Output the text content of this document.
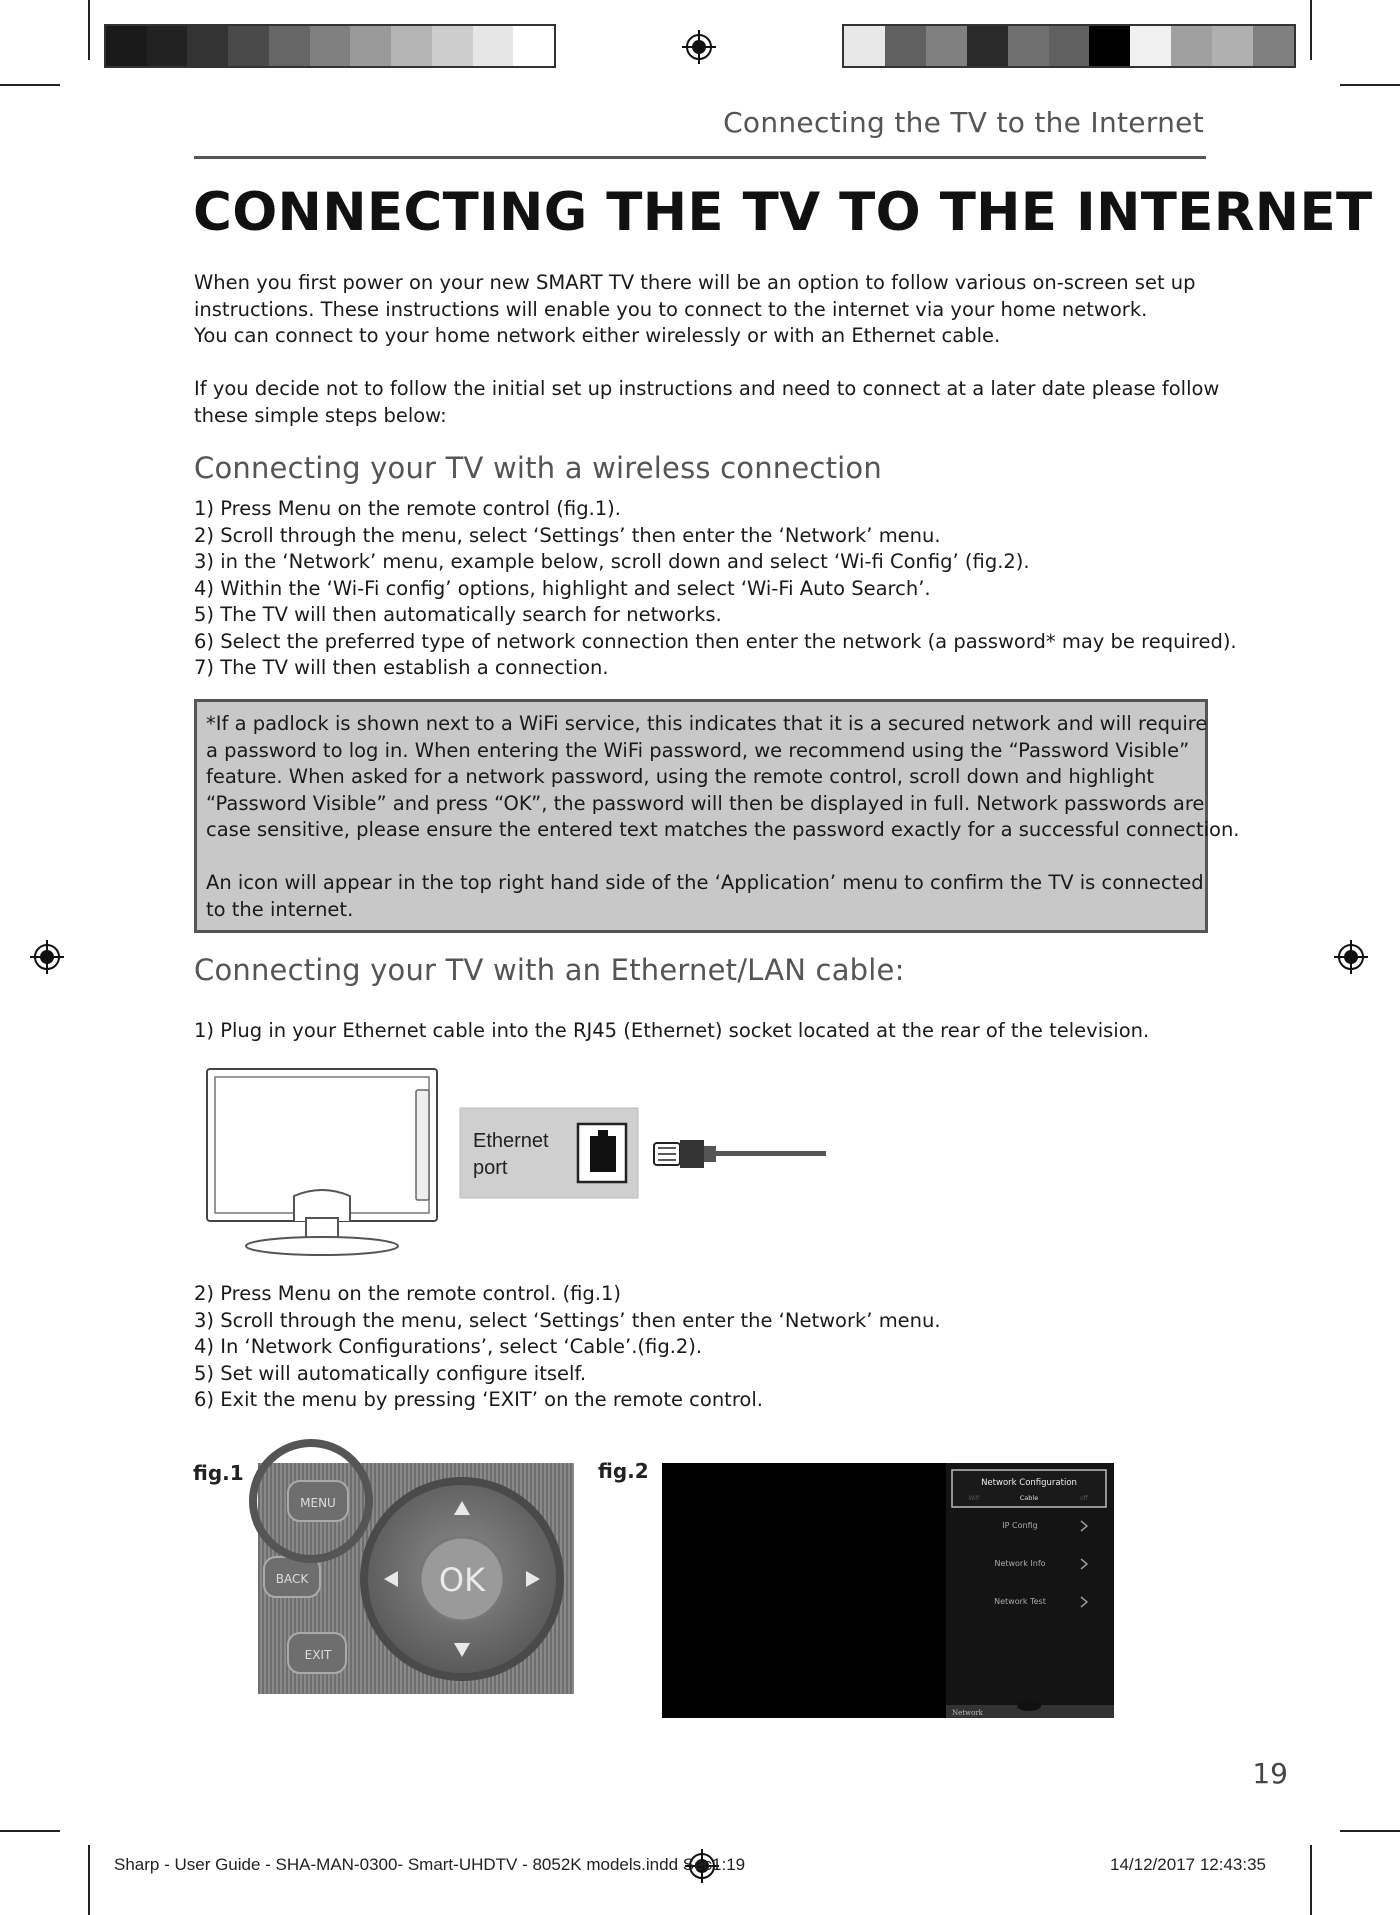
Connecting the TV to the Internet
CONNECTING THE TV TO THE INTERNET
When you first power on your new SMART TV there will be an option to follow various on-screen set up
instructions. These instructions will enable you to connect to the internet via your home network.
You can connect to your home network either wirelessly or with an Ethernet cable.
If you decide not to follow the initial set up instructions and need to connect at a later date please follow
these simple steps below:
Connecting your TV with a wireless connection
1) Press Menu on the remote control (fig.1).
2) Scroll through the menu, select ‘Settings’ then enter the ‘Network’ menu.
3) in the ‘Network’ menu, example below, scroll down and select ‘Wi-fi Config’ (fig.2).
4) Within the ‘Wi-Fi config’ options, highlight and select ‘Wi-Fi Auto Search’.
5) The TV will then automatically search for networks.
6) Select the preferred type of network connection then enter the network (a password* may be required).
7) The TV will then establish a connection.
*If a padlock is shown next to a WiFi service, this indicates that it is a secured network and will require
a password to log in. When entering the WiFi password, we recommend using the “Password Visible”
feature. When asked for a network password, using the remote control, scroll down and highlight
“Password Visible” and press “OK”, the password will then be displayed in full. Network passwords are
case sensitive, please ensure the entered text matches the password exactly for a successful connection.
An icon will appear in the top right hand side of the ‘Application’ menu to confirm the TV is connected
to the internet.
Connecting your TV with an Ethernet/LAN cable:
1) Plug in your Ethernet cable into the RJ45 (Ethernet) socket located at the rear of the television.
Ethernet
port
2) Press Menu on the remote control. (fig.1)
3) Scroll through the menu, select ‘Settings’ then enter the ‘Network’ menu.
4) In ‘Network Configurations’, select ‘Cable’.(fig.2).
5) Set will automatically configure itself.
6) Exit the menu by pressing ‘EXIT’ on the remote control.
fig.1	fig.2
OK
MENU
BACK
EXIT
Network Configuration
Wifi	Cable	off
IP Config
Network Info
Network Test
Network
19
Sharp - User Guide - SHA-MAN-0300- Smart-UHDTV - 8052K models.indd Sec1:19	14/12/2017 12:43:35
